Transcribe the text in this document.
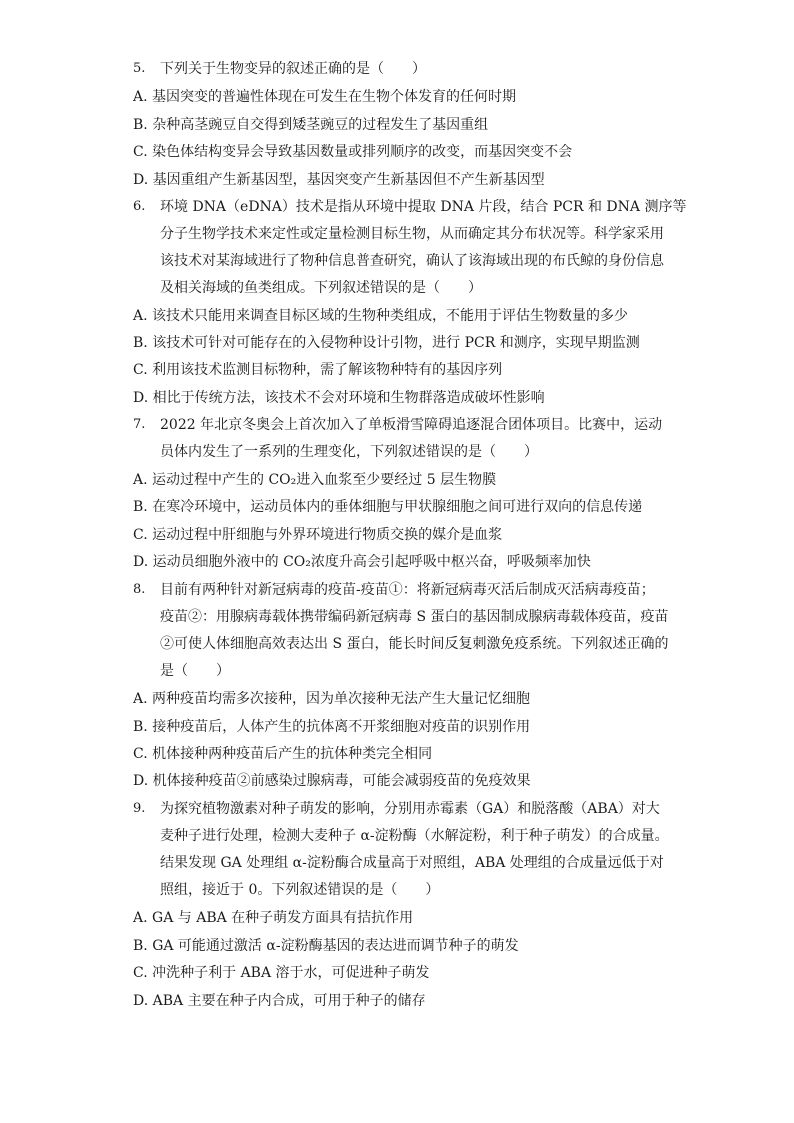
5. 下列关于生物变异的叙述正确的是（　　）
A. 基因突变的普遍性体现在可发生在生物个体发育的任何时期
B. 杂种高茎豌豆自交得到矮茎豌豆的过程发生了基因重组
C. 染色体结构变异会导致基因数量或排列顺序的改变，而基因突变不会
D. 基因重组产生新基因型，基因突变产生新基因但不产生新基因型
6. 环境 DNA（eDNA）技术是指从环境中提取 DNA 片段，结合 PCR 和 DNA 测序等
分子生物学技术来定性或定量检测目标生物，从而确定其分布状况等。科学家采用
该技术对某海域进行了物种信息普查研究，确认了该海域出现的布氏鲸的身份信息
及相关海域的鱼类组成。下列叙述错误的是（　　）
A. 该技术只能用来调查目标区域的生物种类组成，不能用于评估生物数量的多少
B. 该技术可针对可能存在的入侵物种设计引物，进行 PCR 和测序，实现早期监测
C. 利用该技术监测目标物种，需了解该物种特有的基因序列
D. 相比于传统方法，该技术不会对环境和生物群落造成破坏性影响
7. 2022 年北京冬奥会上首次加入了单板滑雪障碍追逐混合团体项目。比赛中，运动
员体内发生了一系列的生理变化，下列叙述错误的是（　　）
A. 运动过程中产生的 CO₂进入血浆至少要经过 5 层生物膜
B. 在寒冷环境中，运动员体内的垂体细胞与甲状腺细胞之间可进行双向的信息传递
C. 运动过程中肝细胞与外界环境进行物质交换的媒介是血浆
D. 运动员细胞外液中的 CO₂浓度升高会引起呼吸中枢兴奋，呼吸频率加快
8. 目前有两种针对新冠病毒的疫苗-疫苗①：将新冠病毒灭活后制成灭活病毒疫苗；
疫苗②：用腺病毒载体携带编码新冠病毒 S 蛋白的基因制成腺病毒载体疫苗，疫苗
②可使人体细胞高效表达出 S 蛋白，能长时间反复刺激免疫系统。下列叙述正确的
是（　　）
A. 两种疫苗均需多次接种，因为单次接种无法产生大量记忆细胞
B. 接种疫苗后，人体产生的抗体离不开浆细胞对疫苗的识别作用
C. 机体接种两种疫苗后产生的抗体种类完全相同
D. 机体接种疫苗②前感染过腺病毒，可能会减弱疫苗的免疫效果
9. 为探究植物激素对种子萌发的影响，分别用赤霉素（GA）和脱落酸（ABA）对大
麦种子进行处理，检测大麦种子 α-淀粉酶（水解淀粉，利于种子萌发）的合成量。
结果发现 GA 处理组 α-淀粉酶合成量高于对照组，ABA 处理组的合成量远低于对
照组，接近于 0。下列叙述错误的是（　　）
A. GA 与 ABA 在种子萌发方面具有拮抗作用
B. GA 可能通过激活 α-淀粉酶基因的表达进而调节种子的萌发
C. 冲洗种子利于 ABA 溶于水，可促进种子萌发
D. ABA 主要在种子内合成，可用于种子的储存
